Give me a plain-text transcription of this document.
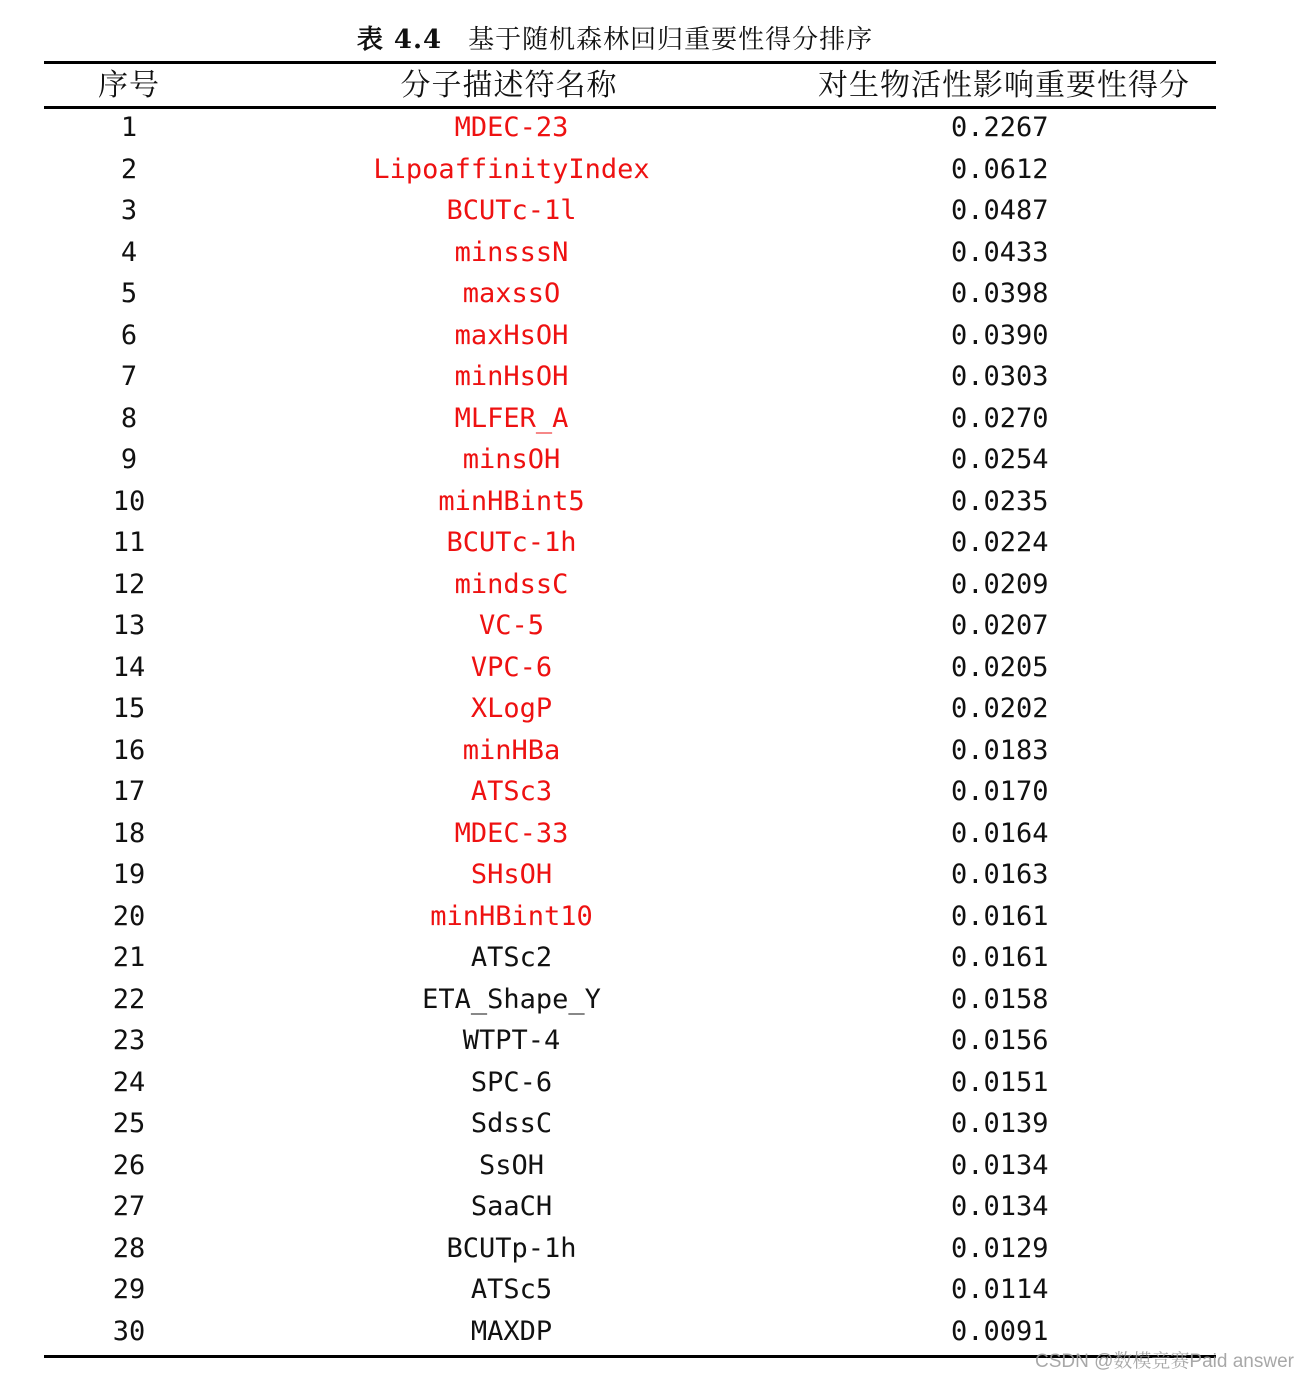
表 4.4 基于随机森林回归重要性得分排序
序号	分子描述符名称	对生物活性影响重要性得分
1	MDEC-23	0.2267
2	LipoaffinityIndex	0.0612
3	BCUTc-1l	0.0487
4	minsssN	0.0433
5	maxssO	0.0398
6	maxHsOH	0.0390
7	minHsOH	0.0303
8	MLFER_A	0.0270
9	minsOH	0.0254
10	minHBint5	0.0235
11	BCUTc-1h	0.0224
12	mindssC	0.0209
13	VC-5	0.0207
14	VPC-6	0.0205
15	XLogP	0.0202
16	minHBa	0.0183
17	ATSc3	0.0170
18	MDEC-33	0.0164
19	SHsOH	0.0163
20	minHBint10	0.0161
21	ATSc2	0.0161
22	ETA_Shape_Y	0.0158
23	WTPT-4	0.0156
24	SPC-6	0.0151
25	SdssC	0.0139
26	SsOH	0.0134
27	SaaCH	0.0134
28	BCUTp-1h	0.0129
29	ATSc5	0.0114
30	MAXDP	0.0091
CSDN @数模竞赛Paid answer
